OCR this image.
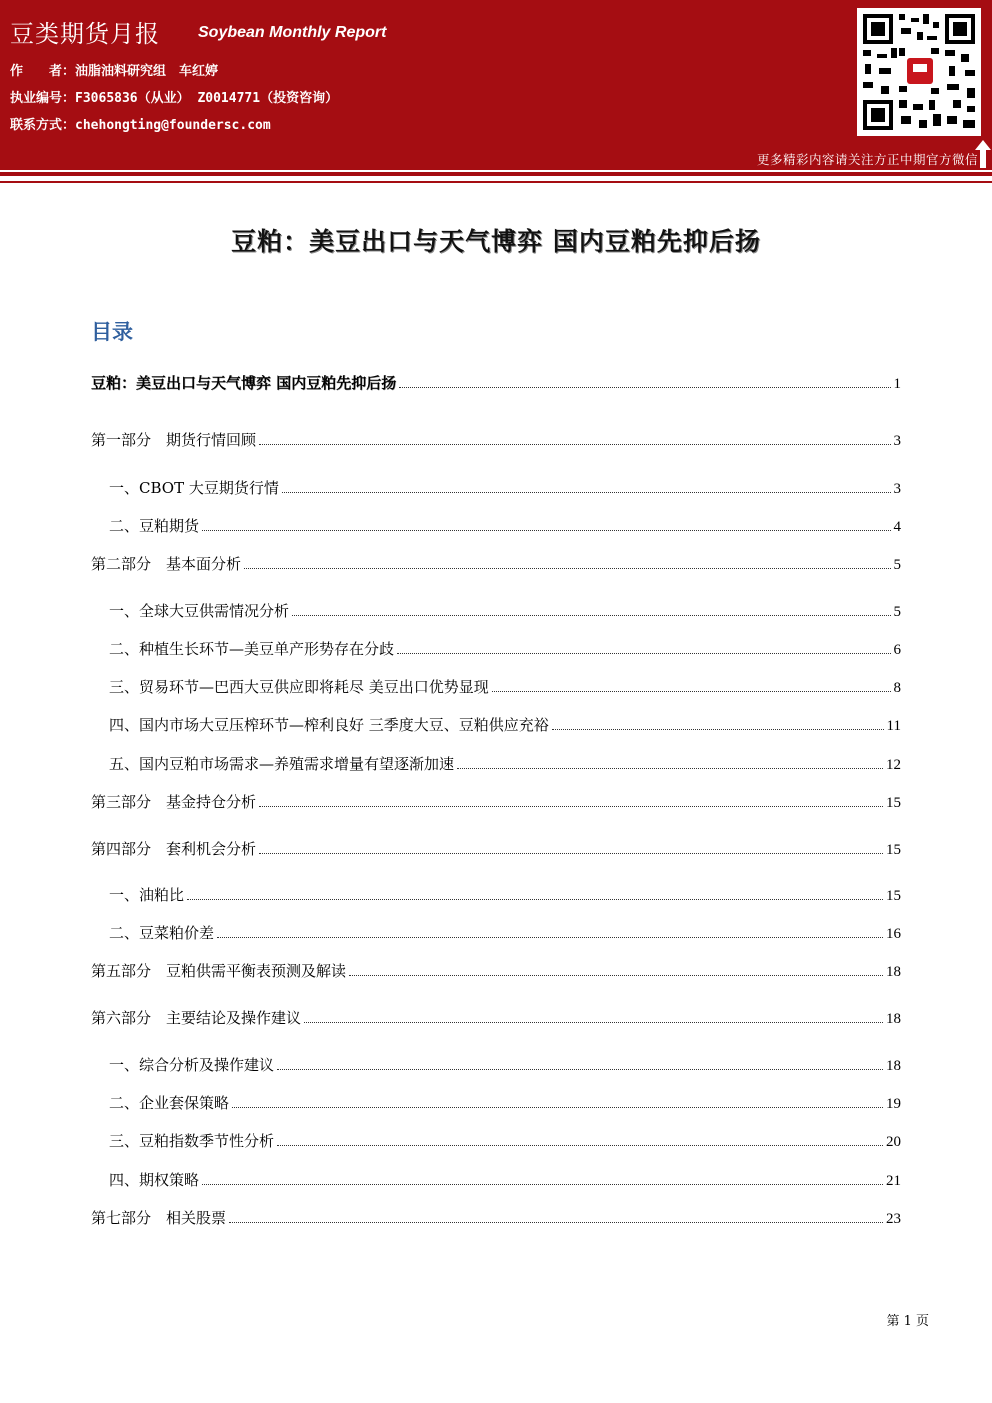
豆类期货月报 Soybean Monthly Report
作　　者：油脂油料研究组　车红婷
执业编号：F3065836（从业） Z0014771（投资咨询）
联系方式：chehongting@foundersc.com
更多精彩内容请关注方正中期官方微信
豆粕：美豆出口与天气博弈 国内豆粕先抑后扬
目录
豆粕：美豆出口与天气博弈 国内豆粕先抑后扬	1
第一部分　期货行情回顾	3
一、CBOT 大豆期货行情	3
二、豆粕期货	4
第二部分　基本面分析	5
一、全球大豆供需情况分析	5
二、种植生长环节—美豆单产形势存在分歧	6
三、贸易环节—巴西大豆供应即将耗尽 美豆出口优势显现	8
四、国内市场大豆压榨环节—榨利良好 三季度大豆、豆粕供应充裕	11
五、国内豆粕市场需求—养殖需求增量有望逐渐加速	12
第三部分　基金持仓分析	15
第四部分　套利机会分析	15
一、油粕比	15
二、豆菜粕价差	16
第五部分　豆粕供需平衡表预测及解读	18
第六部分　主要结论及操作建议	18
一、综合分析及操作建议	18
二、企业套保策略	19
三、豆粕指数季节性分析	20
四、期权策略	21
第七部分　相关股票	23
第 1 页
